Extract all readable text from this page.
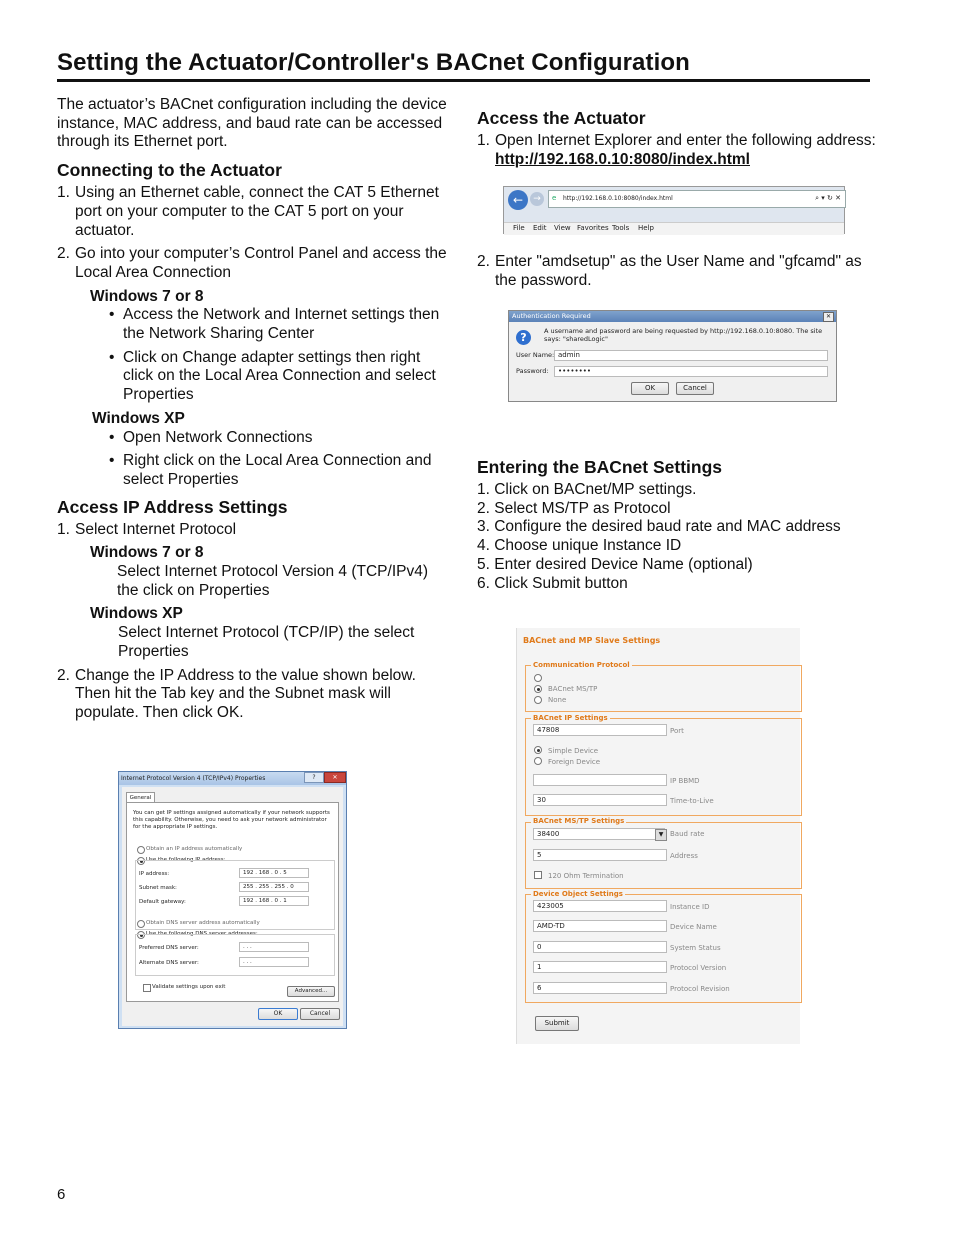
Setting the Actuator/Controller's BACnet Configuration

The actuator’s BACnet configuration including the device instance, MAC address, and baud rate can be accessed through its Ethernet port.

Connecting to the Actuator

1. Using an Ethernet cable, connect the CAT 5 Ethernet port on your computer to the CAT 5 port on your actuator.
2. Go into your computer’s Control Panel and access the Local Area Connection

Windows 7 or 8

• Access the Network and Internet settings then the Network Sharing Center
• Click on Change adapter settings then right click on the Local Area Connection and select Properties

Windows XP

• Open Network Connections
• Right click on the Local Area Connection and select Properties

Access IP Address Settings

1. Select Internet Protocol

Windows 7 or 8

Select Internet Protocol Version 4 (TCP/IPv4) the click on Properties

Windows XP

Select Internet Protocol (TCP/IP) the select Properties

2. Change the IP Address to the value shown below. Then hit the Tab key and the Subnet mask will populate. Then click OK.

Access the Actuator

1. Open Internet Explorer and enter the following address: http://192.168.0.10:8080/index.html
2. Enter "amdsetup" as the User Name and "gfcamd" as the password.

Entering the BACnet Settings

1. Click on BACnet/MP settings.

2. Select MS/TP as Protocol

3. Configure the desired baud rate and MAC address

4. Choose unique Instance ID

5. Enter desired Device Name (optional)

6. Click Submit button

←	→	e http://192.168.0.10:8080/index.html	⌕ ▾ ↻ ✕
File Edit View Favorites Tools Help
Authentication Required	✕
?	A username and password are being requested by http://192.168.0.10:8080. The site says: "sharedLogic"
User Name: admin
Password:	••••••••
OK	Cancel
Internet Protocol Version 4 (TCP/IPv4) Properties	?	✕
General
You can get IP settings assigned automatically if your network supports this capability. Otherwise, you need to ask your network administrator for the appropriate IP settings.
Obtain an IP address automatically
Use the following IP address:
IP address:	192 . 168 . 0 . 5
Subnet mask:	255 . 255 . 255 . 0
Default gateway:	192 . 168 . 0 . 1
Obtain DNS server address automatically
Use the following DNS server addresses:
Preferred DNS server:	. . .
Alternate DNS server:	. . .
Validate settings upon exit
Advanced...
OK	Cancel
BACnet and MP Slave Settings
Communication Protocol
BACnet MS/TP
None
BACnet IP Settings
47808	Port
Simple Device
Foreign Device
IP BBMD
30	Time-to-Live
BACnet MS/TP Settings
38400	▼ Baud rate
5	Address
120 Ohm Termination
Device Object Settings
423005	Instance ID
AMD-TD	Device Name
0	System Status
1	Protocol Version
6	Protocol Revision
Submit
6
